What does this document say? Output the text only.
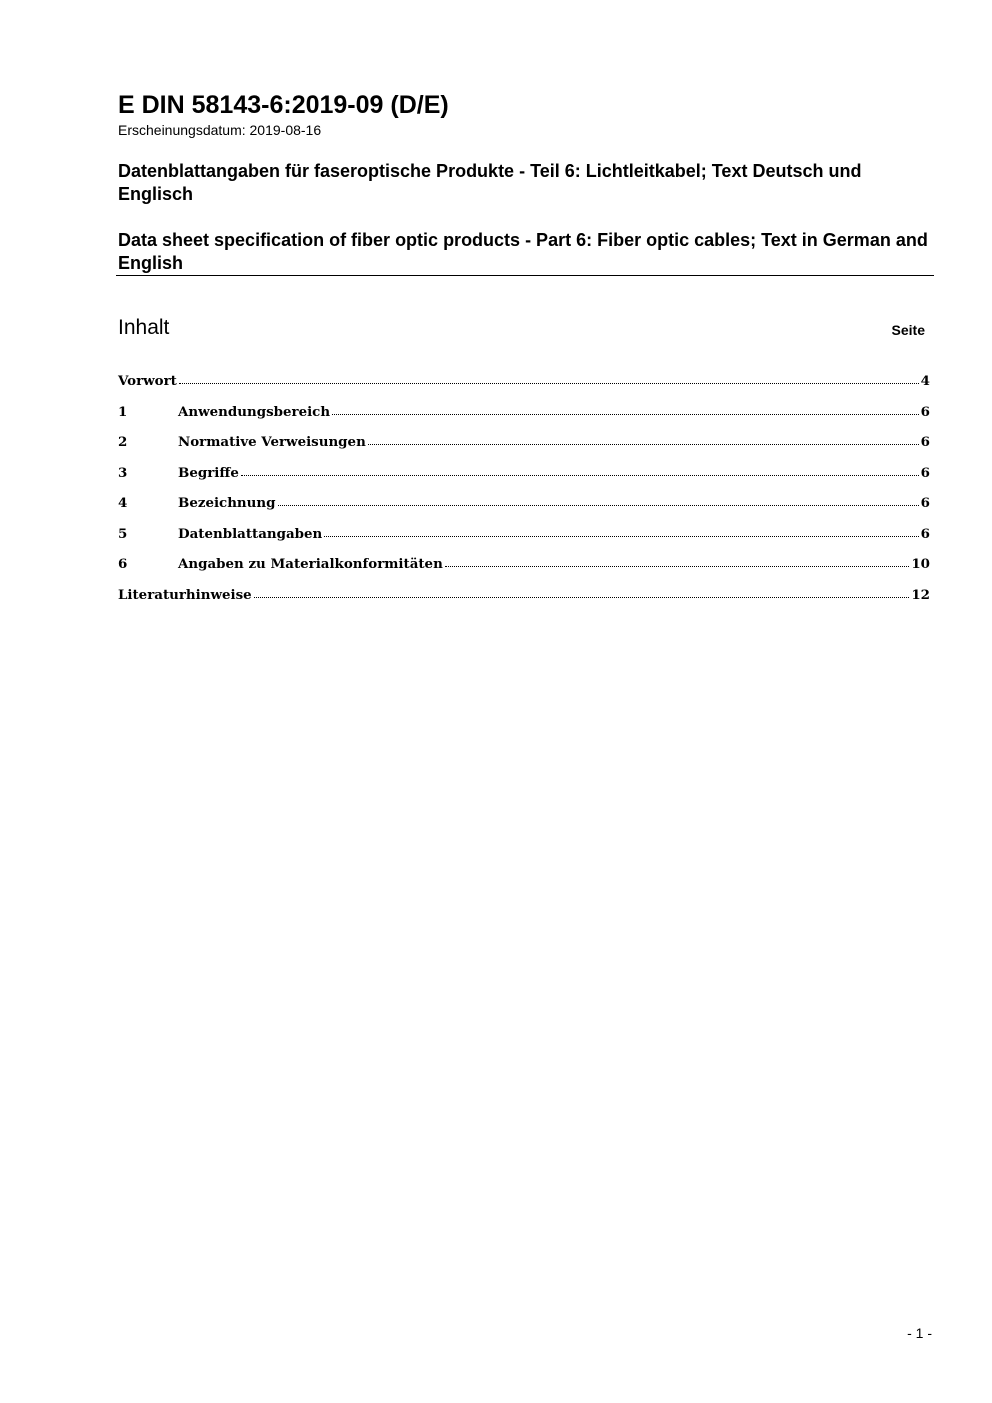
E DIN 58143-6:2019-09 (D/E)
Erscheinungsdatum: 2019-08-16
Datenblattangaben für faseroptische Produkte - Teil 6: Lichtleitkabel; Text Deutsch und Englisch
Data sheet specification of fiber optic products - Part 6: Fiber optic cables; Text in German and English
Inhalt	Seite
Vorwort	4
1	Anwendungsbereich	6
2	Normative Verweisungen	6
3	Begriffe	6
4	Bezeichnung	6
5	Datenblattangaben	6
6	Angaben zu Materialkonformitäten	10
Literaturhinweise	12
- 1 -
